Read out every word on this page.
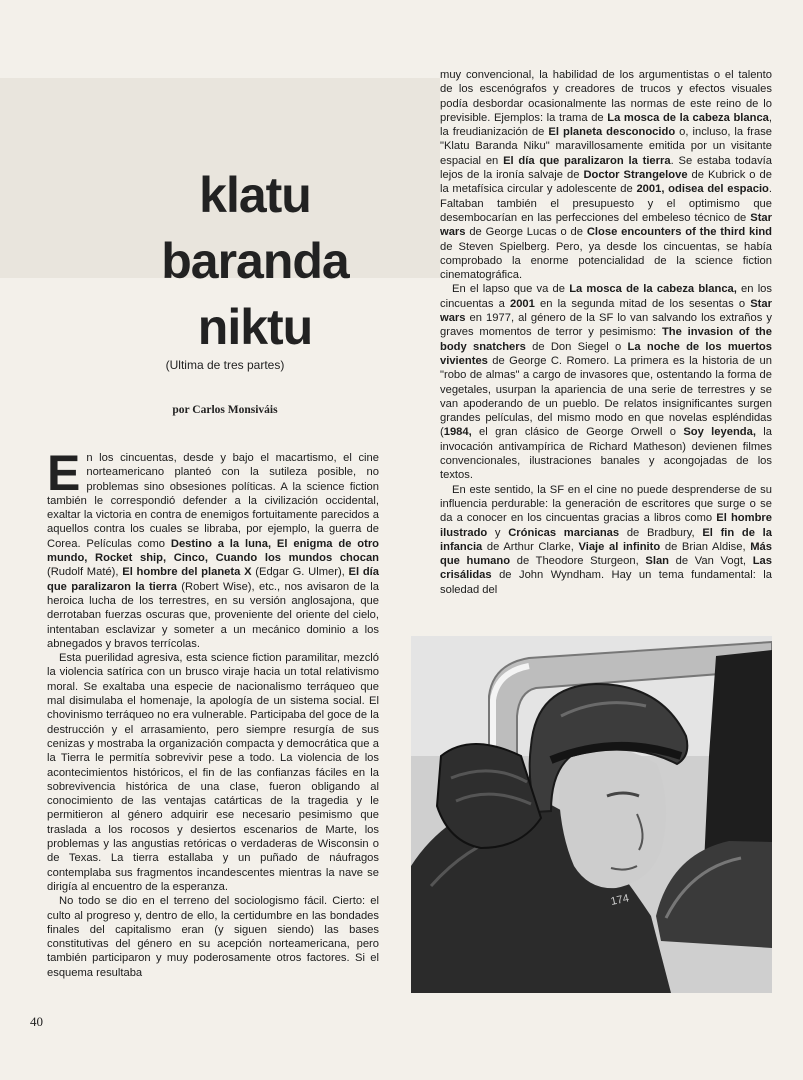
klatu
baranda
niktu
(Ultima de tres partes)
por Carlos Monsiváis

En los cincuentas, desde y bajo el macartismo, el cine norteamericano planteó con la sutileza posible, no problemas sino obsesiones políticas. A la science fiction también le correspondió defender a la civilización occidental, exaltar la victoria en contra de enemigos fortuitamente parecidos a aquellos contra los cuales se libraba, por ejemplo, la guerra de Corea. Películas como Destino a la luna, El enigma de otro mundo, Rocket ship, Cinco, Cuando los mundos chocan (Rudolf Maté), El hombre del planeta X (Edgar G. Ulmer), El día que paralizaron la tierra (Robert Wise), etc., nos avisaron de la heroica lucha de los terrestres, en su versión anglosajona, que derrotaban fuerzas oscuras que, proveniente del oriente del cielo, intentaban esclavizar y someter a un mecánico dominio a los abnegados y bravos terrícolas.

Esta puerilidad agresiva, esta science fiction paramilitar, mezcló la violencia satírica con un brusco viraje hacia un total relativismo moral. Se exaltaba una especie de nacionalismo terráqueo que mal disimulaba el homenaje, la apología de un sistema social. El chovinismo terráqueo no era vulnerable. Participaba del goce de la destrucción y el arrasamiento, pero siempre resurgía de sus cenizas y mostraba la organización compacta y democrática que a la Tierra le permitía sobrevivir pese a todo. La violencia de los acontecimientos históricos, el fin de las confianzas fáciles en la sobrevivencia histórica de una clase, fueron obligando al conocimiento de las ventajas catárticas de la tragedia y le permitieron al género adquirir ese necesario pesimismo que traslada a los rocosos y desiertos escenarios de Marte, los problemas y las angustias retóricas o verdaderas de Wisconsin o de Texas. La tierra estallaba y un puñado de náufragos contemplaba sus fragmentos incandescentes mientras la nave se dirigía al encuentro de la esperanza.

No todo se dio en el terreno del sociologismo fácil. Cierto: el culto al progreso y, dentro de ello, la certidumbre en las bondades finales del capitalismo eran (y siguen siendo) las bases constitutivas del género en su acepción norteamericana, pero también participaron y muy poderosamente otros factores. Si el esquema resultaba

muy convencional, la habilidad de los argumentistas o el talento de los escenógrafos y creadores de trucos y efectos visuales podía desbordar ocasionalmente las normas de este reino de lo previsible. Ejemplos: la trama de La mosca de la cabeza blanca, la freudianización de El planeta desconocido o, incluso, la frase "Klatu Baranda Niku" maravillosamente emitida por un visitante espacial en El día que paralizaron la tierra. Se estaba todavía lejos de la ironía salvaje de Doctor Strangelove de Kubrick o de la metafísica circular y adolescente de 2001, odisea del espacio. Faltaban también el presupuesto y el optimismo que desembocarían en las perfecciones del embeleso técnico de Star wars de George Lucas o de Close encounters of the third kind de Steven Spielberg. Pero, ya desde los cincuentas, se había comprobado la enorme potencialidad de la science fiction cinematográfica.

En el lapso que va de La mosca de la cabeza blanca, en los cincuentas a 2001 en la segunda mitad de los sesentas o Star wars en 1977, al género de la SF lo van salvando los extraños y graves momentos de terror y pesimismo: The invasion of the body snatchers de Don Siegel o La noche de los muertos vivientes de George C. Romero. La primera es la historia de un "robo de almas" a cargo de invasores que, ostentando la forma de vegetales, usurpan la apariencia de una serie de terrestres y se van apoderando de un pueblo. De relatos insignificantes surgen grandes películas, del mismo modo en que novelas espléndidas (1984, el gran clásico de George Orwell o Soy leyenda, la invocación antivampírica de Richard Matheson) devienen filmes convencionales, ilustraciones banales y acongojadas de los textos.

En este sentido, la SF en el cine no puede desprenderse de su influencia perdurable: la generación de escritores que surge o se da a conocer en los cincuentas gracias a libros como El hombre ilustrado y Crónicas marcianas de Bradbury, El fin de la infancia de Arthur Clarke, Viaje al infinito de Brian Aldise, Más que humano de Theodore Sturgeon, Slan de Van Vogt, Las crisálidas de John Wyndham. Hay un tema fundamental: la soledad del

174
40
